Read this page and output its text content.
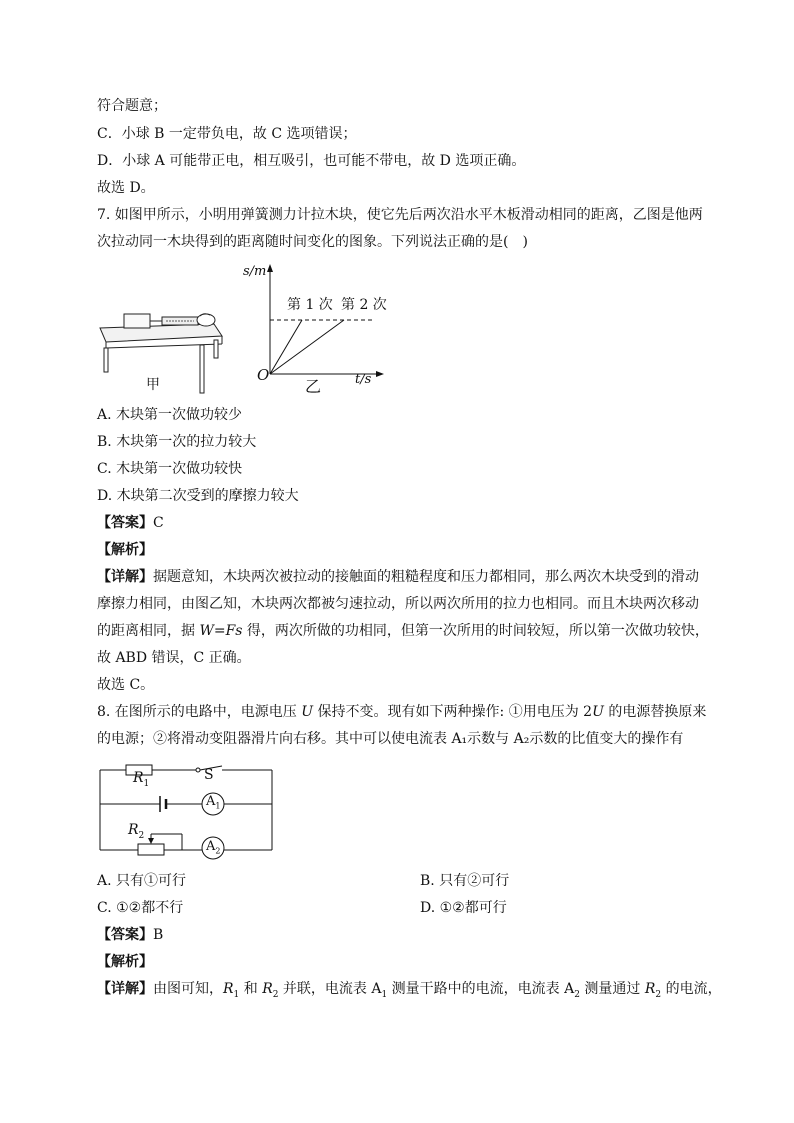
符合题意；
C．小球 B 一定带负电，故 C 选项错误；
D．小球 A 可能带正电，相互吸引，也可能不带电，故 D 选项正确。
故选 D。
7. 如图甲所示，小明用弹簧测力计拉木块，使它先后两次沿水平木板滑动相同的距离，乙图是他两
次拉动同一木块得到的距离随时间变化的图象。下列说法正确的是(　)
甲
s/m
t/s
O
乙
第 1 次 第 2 次
A. 木块第一次做功较少
B. 木块第一次的拉力较大
C. 木块第一次做功较快
D. 木块第二次受到的摩擦力较大
【答案】C
【解析】
【详解】据题意知，木块两次被拉动的接触面的粗糙程度和压力都相同，那么两次木块受到的滑动
摩擦力相同，由图乙知，木块两次都被匀速拉动，所以两次所用的拉力也相同。而且木块两次移动
的距离相同，据 W=Fs 得，两次所做的功相同，但第一次所用的时间较短，所以第一次做功较快，
故 ABD 错误，C 正确。
故选 C。
8. 在图所示的电路中，电源电压 U 保持不变。现有如下两种操作: ①用电压为 2U 的电源替换原来
的电源；②将滑动变阻器滑片向右移。其中可以使电流表 A₁示数与 A₂示数的比值变大的操作有
$R_1$
S
$A_1$
$R_2$
$A_2$
A. 只有①可行	B. 只有②可行
C. ①②都不行	D. ①②都可行
【答案】B
【解析】
【详解】由图可知，$R_1$ 和 $R_2$ 并联，电流表 $A_1$ 测量干路中的电流，电流表 $A_2$ 测量通过 $R_2$ 的电流，
